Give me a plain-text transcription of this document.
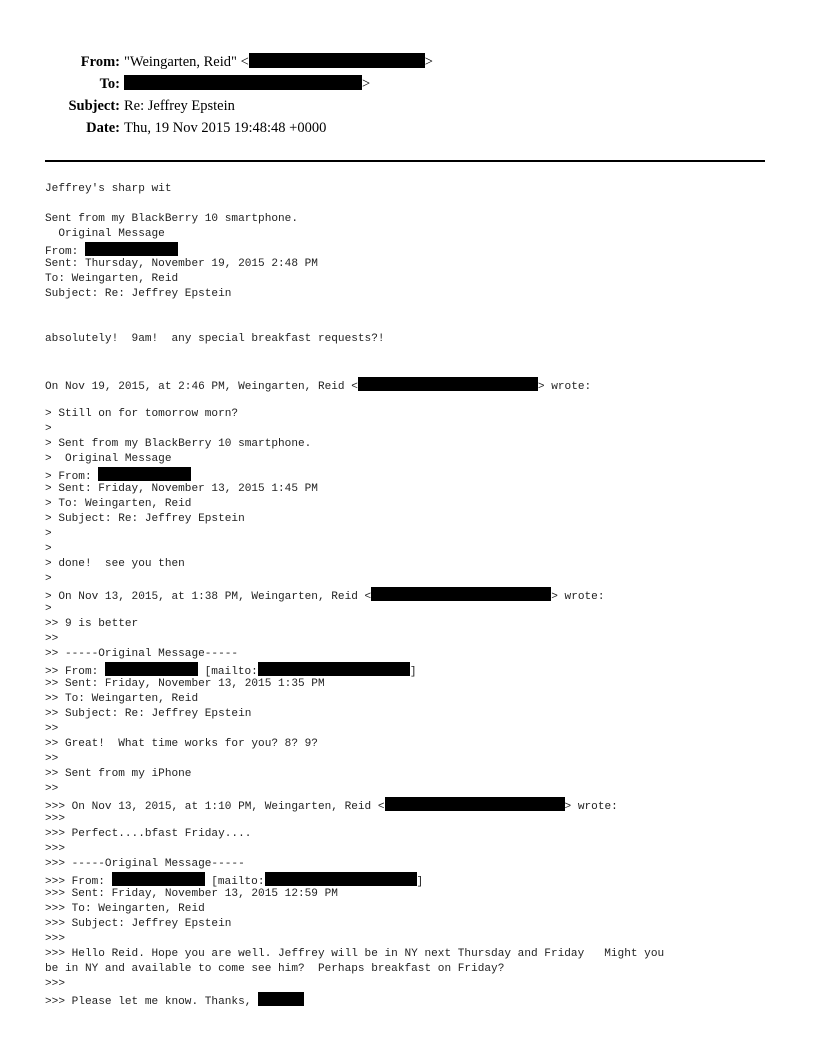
From: "Weingarten, Reid" <	>
To:	>
Subject: Re: Jeffrey Epstein
Date: Thu, 19 Nov 2015 19:48:48 +0000
Jeffrey's sharp wit
Sent from my BlackBerry 10 smartphone.
Original Message
From:
Sent: Thursday, November 19, 2015 2:48 PM
To: Weingarten, Reid
Subject: Re: Jeffrey Epstein
absolutely!  9am!  any special breakfast requests?!
On Nov 19, 2015, at 2:46 PM, Weingarten, Reid <	> wrote:
> Still on for tomorrow morn?
>
> Sent from my BlackBerry 10 smartphone.
>  Original Message
> From:
> Sent: Friday, November 13, 2015 1:45 PM
> To: Weingarten, Reid
> Subject: Re: Jeffrey Epstein
>
>
> done!  see you then
>
> On Nov 13, 2015, at 1:38 PM, Weingarten, Reid <	> wrote:
>
>> 9 is better
>>
>> -----Original Message-----
>> From:	[mailto:	]
>> Sent: Friday, November 13, 2015 1:35 PM
>> To: Weingarten, Reid
>> Subject: Re: Jeffrey Epstein
>>
>> Great!  What time works for you? 8? 9?
>>
>> Sent from my iPhone
>>
>>> On Nov 13, 2015, at 1:10 PM, Weingarten, Reid <	> wrote:
>>>
>>> Perfect....bfast Friday....
>>>
>>> -----Original Message-----
>>> From:	[mailto:	]
>>> Sent: Friday, November 13, 2015 12:59 PM
>>> To: Weingarten, Reid
>>> Subject: Jeffrey Epstein
>>>
>>> Hello Reid. Hope you are well. Jeffrey will be in NY next Thursday and Friday   Might you
be in NY and available to come see him?  Perhaps breakfast on Friday?
>>>
>>> Please let me know. Thanks,
